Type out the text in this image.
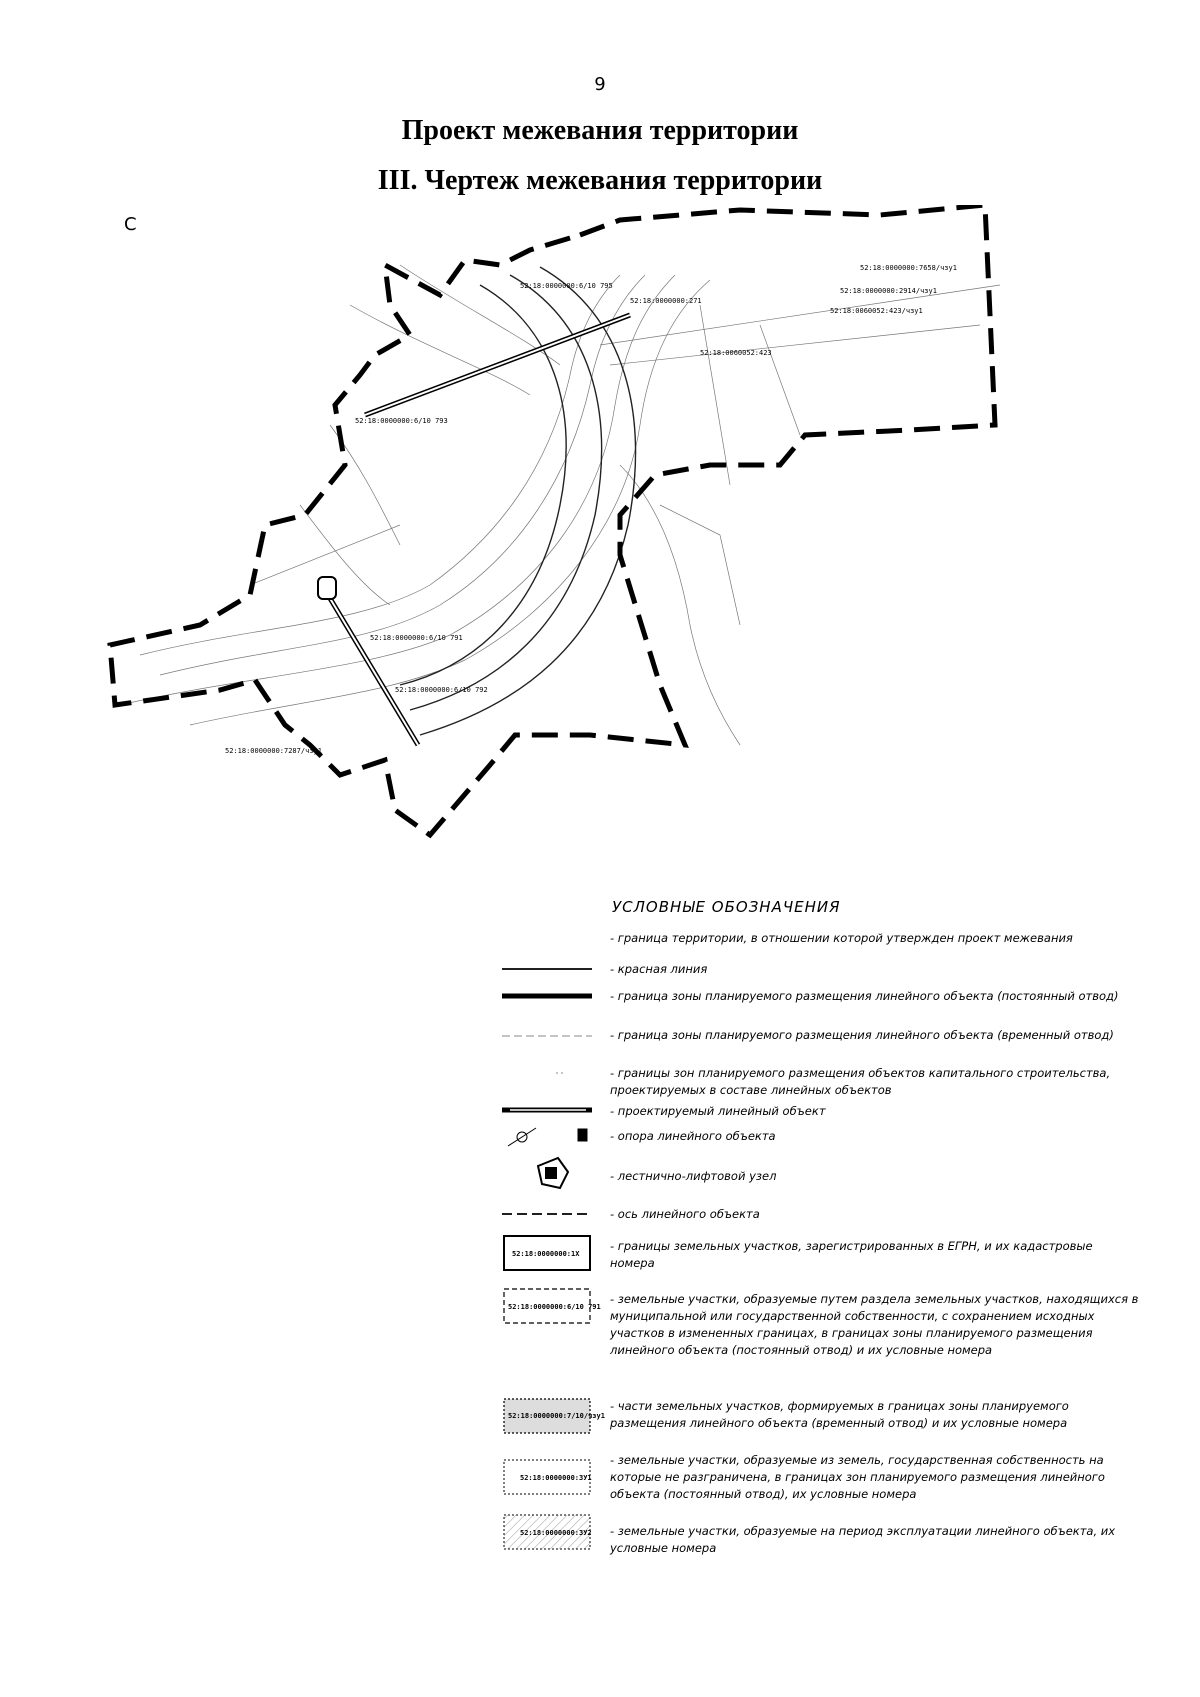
9
Проект межевания территории
III. Чертеж межевания территории
С
52:18:0000000:6/10 795
52:18:0000000:271
52:18:0000000:2914/чзу1
52:18:0060052:423/чзу1
52:18:0000000:7658/чзу1
52:18:0000000:6/10 793
52:18:0000000:6/10 791
52:18:0000000:6/10 792
52:18:0000000:7287/чзу1
52:18:0060052:423
УСЛОВНЫЕ ОБОЗНАЧЕНИЯ
52:18:0000000:1X
52:18:0000000:6/10 791
52:18:0000000:7/10/чзу1
52:18:0000000:3У1
52:18:0000000:3У2
- граница территории, в отношении которой утвержден проект межевания
- красная линия
- граница зоны планируемого размещения линейного объекта (постоянный отвод)
- граница зоны планируемого размещения линейного объекта (временный отвод)
- границы зон планируемого размещения объектов капитального строительства, проектируемых в составе линейных объектов
- проектируемый линейный объект
- опора линейного объекта
- лестнично-лифтовой узел
- ось линейного объекта
- границы земельных участков, зарегистрированных в ЕГРН, и их кадастровые номера
- земельные участки, образуемые путем раздела земельных участков, находящихся в муниципальной или государственной собственности, с сохранением исходных участков в измененных границах, в границах зоны планируемого размещения линейного объекта (постоянный отвод) и их условные номера
- части земельных участков, формируемых в границах зоны планируемого размещения линейного объекта (временный отвод) и их условные номера
- земельные участки, образуемые из земель, государственная собственность на которые не разграничена, в границах зон планируемого размещения линейного объекта (постоянный отвод), их условные номера
- земельные участки, образуемые на период эксплуатации линейного объекта, их условные номера
